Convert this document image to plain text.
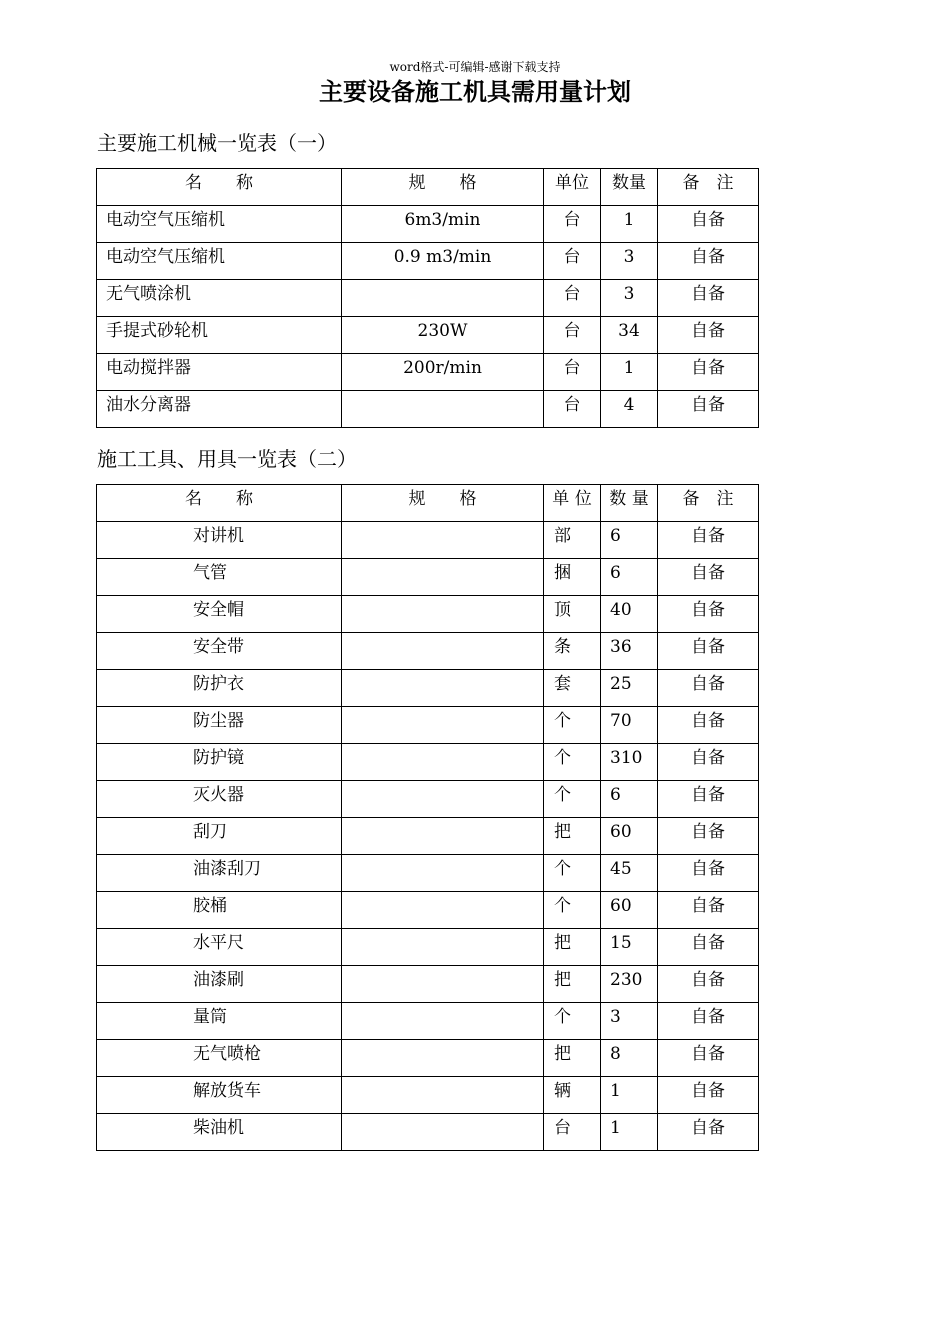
word格式-可编辑-感谢下载支持
主要设备施工机具需用量计划
主要施工机械一览表（一）
名　　称	规　　格	单位	数量	备　注
电动空气压缩机	6m3/min	台	1	自备
电动空气压缩机	0.9 m3/min	台	3	自备
无气喷涂机		台	3	自备
手提式砂轮机	230W	台	34	自备
电动搅拌器	200r/min	台	1	自备
油水分离器		台	4	自备
施工工具、用具一览表（二）
名　　称	规　　格	单 位	数 量	备　注
对讲机		部	6	自备
气管		捆	6	自备
安全帽		顶	40	自备
安全带		条	36	自备
防护衣		套	25	自备
防尘器		个	70	自备
防护镜		个	310	自备
灭火器		个	6	自备
刮刀		把	60	自备
油漆刮刀		个	45	自备
胶桶		个	60	自备
水平尺		把	15	自备
油漆刷		把	230	自备
量筒		个	3	自备
无气喷枪		把	8	自备
解放货车		辆	1	自备
柴油机		台	1	自备
